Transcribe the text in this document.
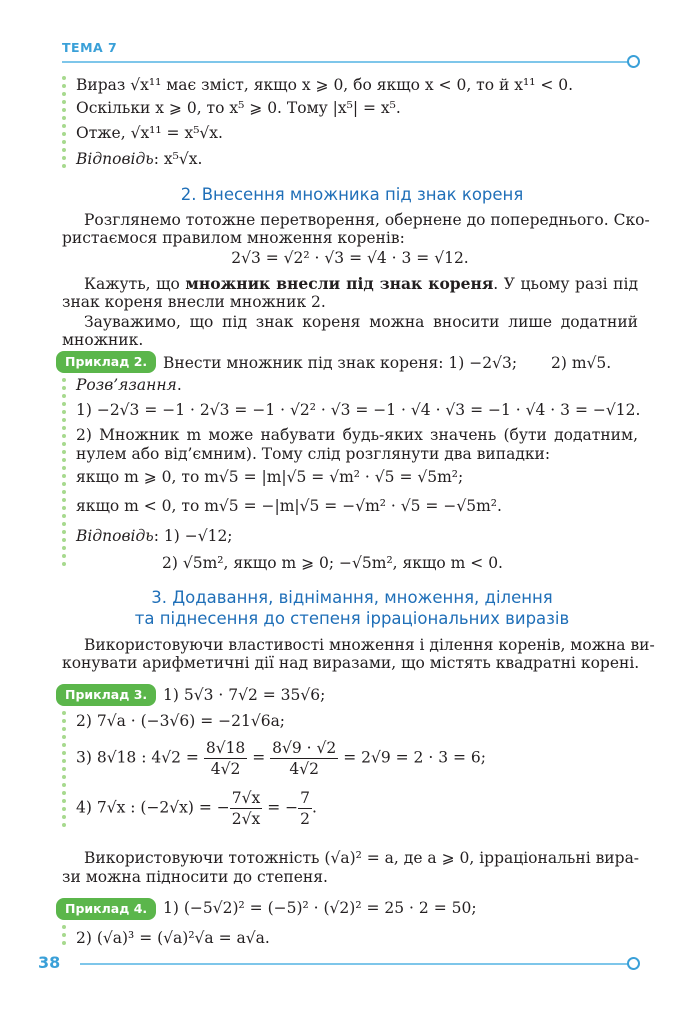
ТЕМА 7
Вираз √x¹¹ має зміст, якщо x ⩾ 0, бо якщо x < 0, то й x¹¹ < 0.
Оскільки x ⩾ 0, то x⁵ ⩾ 0. Тому |x⁵| = x⁵.
Отже, √x¹¹ = x⁵√x.
Відповідь: x⁵√x.
2. Внесення множника під знак кореня
Розглянемо тотожне перетворення, обернене до попереднього. Ско-
ристаємося правилом множення коренів:
2√3 = √2² · √3 = √4 · 3 = √12.
Кажуть, що множник внесли під знак кореня. У цьому разі під
знак кореня внесли множник 2.
Зауважимо, що під знак кореня можна вносити лише додатний
множник.
Приклад 2.	Внести множник під знак кореня: 1) −2√3; 2) m√5.
Розв’язання.
1) −2√3 = −1 · 2√3 = −1 · √2² · √3 = −1 · √4 · √3 = −1 · √4 · 3 = −√12.
2) Множник m може набувати будь-яких значень (бути додатним,
нулем або від’ємним). Тому слід розглянути два випадки:
якщо m ⩾ 0, то m√5 = |m|√5 = √m² · √5 = √5m²;
якщо m < 0, то m√5 = −|m|√5 = −√m² · √5 = −√5m².
Відповідь: 1) −√12;
2) √5m², якщо m ⩾ 0; −√5m², якщо m < 0.
3. Додавання, віднімання, множення, ділення
та піднесення до степеня ірраціональних виразів
Використовуючи властивості множення і ділення коренів, можна ви-
конувати арифметичні дії над виразами, що містять квадратні корені.
Приклад 3.	1) 5√3 · 7√2 = 35√6;
2) 7√a · (−3√6) = −21√6a;
3) 8√18 : $4√2 = \frac{8√18}{4√2} = \frac{8√9 \cdot √2}{4√2} = 2√9 = 2 \cdot 3 = 6$;
4) 7√x : (−2√x) = − $\frac{7√x}{2√x}$ = − $\frac{7}{2}$ .
Використовуючи тотожність (√a)² = a, де a ⩾ 0, ірраціональні вира-
зи можна підносити до степеня.
Приклад 4.	1) (−5√2)² = (−5)² · (√2)² = 25 · 2 = 50;
2) (√a)³ = (√a)²√a = a√a.
38
